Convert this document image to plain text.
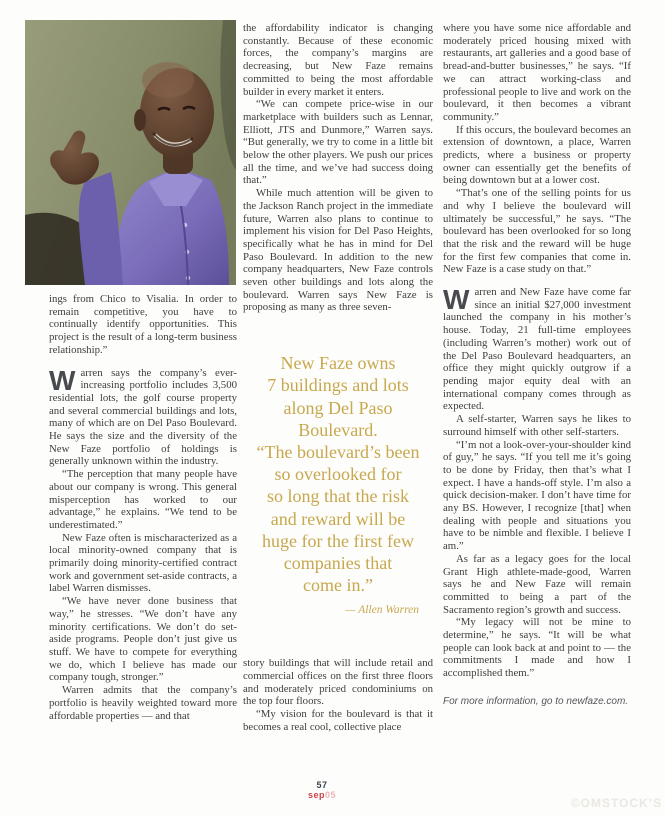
ings from Chico to Visalia. In order to remain competitive, you have to continually identify opportunities. This project is the result of a long-term business relationship.”

Warren says the company’s ever-increasing portfolio includes 3,500 residential lots, the golf course property and several commercial buildings and lots, many of which are on Del Paso Boulevard. He says the size and the diversity of the New Faze portfolio of holdings is generally unknown within the industry.

“The perception that many people have about our company is wrong. This general misperception has worked to our advantage,” he explains. “We tend to be underestimated.”

New Faze often is mischaracterized as a local minority-owned company that is primarily doing minority-certified contract work and government set-aside contracts, a label Warren dismisses.

“We have never done business that way,” he stresses. “We don’t have any minority certifications. We don’t do set-aside programs. People don’t just give us stuff. We have to compete for everything we do, which I believe has made our company tough, stronger.”

Warren admits that the company’s portfolio is heavily weighted toward more affordable properties — and that

the affordability indicator is changing constantly. Because of these economic forces, the company’s margins are decreasing, but New Faze remains committed to being the most affordable builder in every market it enters.

“We can compete price-wise in our marketplace with builders such as Lennar, Elliott, JTS and Dunmore,” Warren says. “But generally, we try to come in a little bit below the other players. We push our prices all the time, and we’ve had success doing that.”

While much attention will be given to the Jackson Ranch project in the immediate future, Warren also plans to continue to implement his vision for Del Paso Heights, specifically what he has in mind for Del Paso Boulevard. In addition to the new company headquarters, New Faze controls seven other buildings and lots along the boulevard. Warren says New Faze is proposing as many as three seven-

New Faze owns
7 buildings and lots
along Del Paso
Boulevard.
“The boulevard’s been
so overlooked for
so long that the risk
and reward will be
huge for the first few
companies that
come in.”
— Allen Warren

story buildings that will include retail and commercial offices on the first three floors and moderately priced condominiums on the top four floors.

“My vision for the boulevard is that it becomes a real cool, collective place

where you have some nice affordable and moderately priced housing mixed with restaurants, art galleries and a good base of bread-and-butter businesses,” he says. “If we can attract working-class and professional people to live and work on the boulevard, it then becomes a vibrant community.”

If this occurs, the boulevard becomes an extension of downtown, a place, Warren predicts, where a business or property owner can essentially get the benefits of being downtown but at a lower cost.

“That’s one of the selling points for us and why I believe the boulevard will ultimately be successful,” he says. “The boulevard has been overlooked for so long that the risk and the reward will be huge for the first few companies that come in. New Faze is a case study on that.”

Warren and New Faze have come far since an initial $27,000 investment launched the company in his mother’s house. Today, 21 full-time employees (including Warren’s mother) work out of the Del Paso Boulevard headquarters, an office they might quickly outgrow if a pending major equity deal with an international company comes through as expected.

A self-starter, Warren says he likes to surround himself with other self-starters.

“I’m not a look-over-your-shoulder kind of guy,” he says. “If you tell me it’s going to be done by Friday, then that’s what I expect. I have a hands-off style. I’m also a quick decision-maker. I don’t have time for any BS. However, I recognize [that] when dealing with people and situations you have to be nimble and flexible. I believe I am.”

As far as a legacy goes for the local Grant High athlete-made-good, Warren says he and New Faze will remain committed to being a part of the Sacramento region’s growth and success.

“My legacy will not be mine to determine,” he says. “It will be what people can look back at and point to — the commitments I made and how I accomplished them.”

For more information, go to newfaze.com.
57
sep05
©OMSTOCK’S
